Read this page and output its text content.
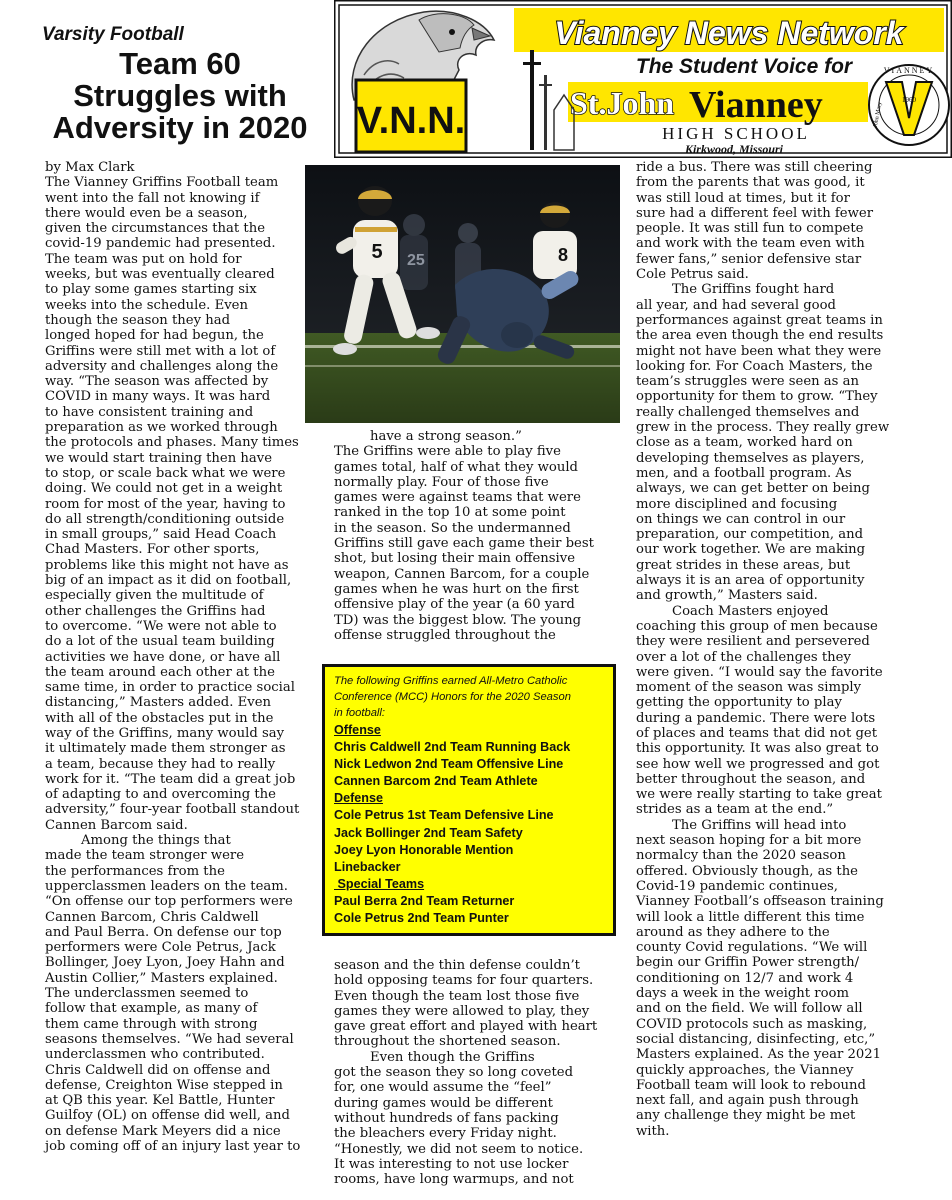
Varsity Football
Team 60
Struggles with
Adversity in 2020
Vianney News Network
The Student Voice for
St.John Vianney
HIGH SCHOOL
Kirkwood, Missouri
V.N.N.
VIANNEY
John Mary
1960
25
5	8

by Max Clark

The Vianney Griffins Football team

went into the fall not knowing if

there would even be a season,

given the circumstances that the

covid-19 pandemic had presented.

The team was put on hold for

weeks, but was eventually cleared

to play some games starting six

weeks into the schedule. Even

though the season they had

longed hoped for had begun, the

Griffins were still met with a lot of

adversity and challenges along the

way. “The season was affected by

COVID in many ways. It was hard

to have consistent training and

preparation as we worked through

the protocols and phases. Many times

we would start training then have

to stop, or scale back what we were

doing. We could not get in a weight

room for most of the year, having to

do all strength/conditioning outside

in small groups,” said Head Coach

Chad Masters. For other sports,

problems like this might not have as

big of an impact as it did on football,

especially given the multitude of

other challenges the Griffins had

to overcome. “We were not able to

do a lot of the usual team building

activities we have done, or have all

the team around each other at the

same time, in order to practice social

distancing,” Masters added. Even

with all of the obstacles put in the

way of the Griffins, many would say

it ultimately made them stronger as

a team, because they had to really

work for it. “The team did a great job

of adapting to and overcoming the

adversity,” four-year football standout

Cannen Barcom said.

Among the things that

made the team stronger were

the performances from the

upperclassmen leaders on the team.

“On offense our top performers were

Cannen Barcom, Chris Caldwell

and Paul Berra. On defense our top

performers were Cole Petrus, Jack

Bollinger, Joey Lyon, Joey Hahn and

Austin Collier,” Masters explained.

The underclassmen seemed to

follow that example, as many of

them came through with strong

seasons themselves. “We had several

underclassmen who contributed.

Chris Caldwell did on offense and

defense, Creighton Wise stepped in

at QB this year. Kel Battle, Hunter

Guilfoy (OL) on offense did well, and

on defense Mark Meyers did a nice

job coming off of an injury last year to

have a strong season.”

The Griffins were able to play five

games total, half of what they would

normally play. Four of those five

games were against teams that were

ranked in the top 10 at some point

in the season. So the undermanned

Griffins still gave each game their best

shot, but losing their main offensive

weapon, Cannen Barcom, for a couple

games when he was hurt on the first

offensive play of the year (a 60 yard

TD) was the biggest blow. The young

offense struggled throughout the

The following Griffins earned All-Metro Catholic
Conference (MCC) Honors for the 2020 Season
in football:
Offense
Chris Caldwell 2nd Team Running Back
Nick Ledwon 2nd Team Offensive Line
Cannen Barcom 2nd Team Athlete
Defense
Cole Petrus 1st Team Defensive Line
Jack Bollinger 2nd Team Safety
Joey Lyon Honorable Mention
Linebacker
Special Teams
Paul Berra 2nd Team Returner
Cole Petrus 2nd Team Punter

season and the thin defense couldn’t

hold opposing teams for four quarters.

Even though the team lost those five

games they were allowed to play, they

gave great effort and played with heart

throughout the shortened season.

Even though the Griffins

got the season they so long coveted

for, one would assume the “feel”

during games would be different

without hundreds of fans packing

the bleachers every Friday night.

“Honestly, we did not seem to notice.

It was interesting to not use locker

rooms, have long warmups, and not

ride a bus. There was still cheering

from the parents that was good, it

was still loud at times, but it for

sure had a different feel with fewer

people. It was still fun to compete

and work with the team even with

fewer fans,” senior defensive star

Cole Petrus said.

The Griffins fought hard

all year, and had several good

performances against great teams in

the area even though the end results

might not have been what they were

looking for. For Coach Masters, the

team’s struggles were seen as an

opportunity for them to grow. “They

really challenged themselves and

grew in the process. They really grew

close as a team, worked hard on

developing themselves as players,

men, and a football program. As

always, we can get better on being

more disciplined and focusing

on things we can control in our

preparation, our competition, and

our work together. We are making

great strides in these areas, but

always it is an area of opportunity

and growth,” Masters said.

Coach Masters enjoyed

coaching this group of men because

they were resilient and persevered

over a lot of the challenges they

were given. “I would say the favorite

moment of the season was simply

getting the opportunity to play

during a pandemic. There were lots

of places and teams that did not get

this opportunity. It was also great to

see how well we progressed and got

better throughout the season, and

we were really starting to take great

strides as a team at the end.”

The Griffins will head into

next season hoping for a bit more

normalcy than the 2020 season

offered. Obviously though, as the

Covid-19 pandemic continues,

Vianney Football’s offseason training

will look a little different this time

around as they adhere to the

county Covid regulations. “We will

begin our Griffin Power strength/

conditioning on 12/7 and work 4

days a week in the weight room

and on the field. We will follow all

COVID protocols such as masking,

social distancing, disinfecting, etc,”

Masters explained. As the year 2021

quickly approaches, the Vianney

Football team will look to rebound

next fall, and again push through

any challenge they might be met

with.
